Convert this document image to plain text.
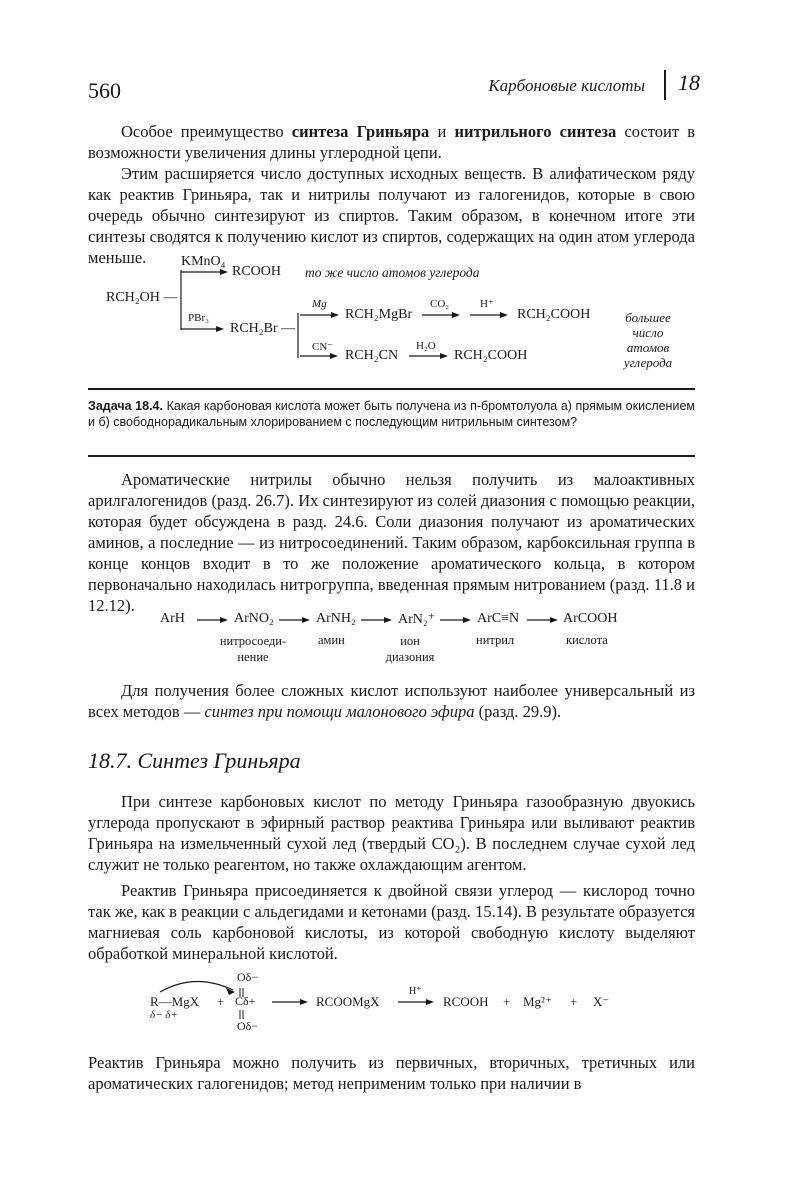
560	Карбоновые кислоты 18

Особое преимущество синтеза Гриньяра и нитрильного синтеза состоит в возможности увеличения длины углеродной цепи.

Этим расширяется число доступных исходных веществ. В алифатическом ряду как реактив Гриньяра, так и нитрилы получают из галогенидов, которые в свою очередь обычно синтезируют из спиртов. Таким образом, в конечном итоге эти синтезы сводятся к получению кислот из спиртов, содержащих на один атом углерода меньше.	KMnO₄
RCOOH то же число атомов углерода
RCH₂OH —
PBr₃
RCH₂Br —
Mg
RCH₂MgBr
CO₂	H⁺
RCH₂COOH
CN⁻
RCH₂CN
H₂O
RCH₂COOH
большее
число
атомов
углерода
Задача 18.4. Какая карбоновая кислота может быть получена из п-бромтолуола а) прямым окислением и б) свободнорадикальным хлорированием с последующим нитрильным синтезом?

Ароматические нитрилы обычно нельзя получить из малоактивных арилгалогенидов (разд. 26.7). Их синтезируют из солей диазония с помощью реакции, которая будет обсуждена в разд. 24.6. Соли диазония получают из ароматических аминов, а последние — из нитросоединений. Таким образом, карбоксильная группа в конце концов входит в то же положение ароматического кольца, в котором первоначально находилась нитрогруппа, введенная прямым нитрованием (разд. 11.8 и 12.12).

ArH	ArNO₂	ArNH₂	ArN₂⁺	ArC≡N	ArCOOH
нитросоеди-
нение
амин	ион
диазония
нитрил	кислота

Для получения более сложных кислот используют наиболее универсальный из всех методов — синтез при помощи малонового эфира (разд. 29.9).

18.7. Синтез Гриньяра

При синтезе карбоновых кислот по методу Гриньяра газообразную двуокись углерода пропускают в эфирный раствор реактива Гриньяра или выливают реактив Гриньяра на измельченный сухой лед (твердый CO₂). В последнем случае сухой лед служит не только реагентом, но также охлаждающим агентом.

Реактив Гриньяра присоединяется к двойной связи углерод — кислород точно так же, как в реакции с альдегидами и кетонами (разд. 15.14). В результате образуется магниевая соль карбоновой кислоты, из которой свободную кислоту выделяют обработкой минеральной кислотой.

Oδ−
R—MgX
δ− δ+
+ Cδ+
Oδ−
RCOOMgX
H⁺
RCOOH + Mg²⁺ + X⁻

Реактив Гриньяра можно получить из первичных, вторичных, третичных или ароматических галогенидов; метод неприменим только при наличии в
